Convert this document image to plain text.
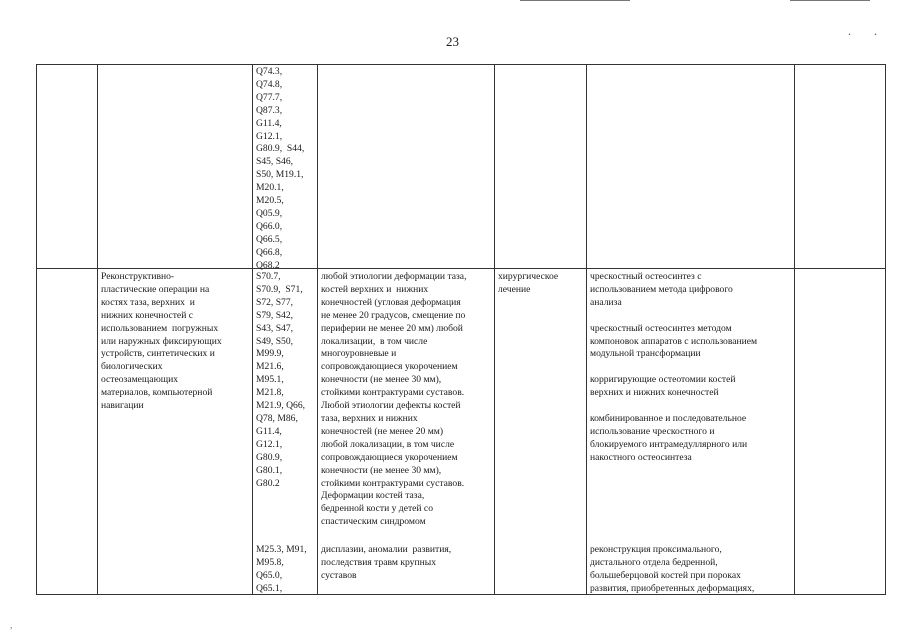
. .
23
Q74.3,
Q74.8,
Q77.7,
Q87.3,
G11.4,
G12.1,
G80.9,  S44,
S45, S46,
S50, M19.1,
M20.1,
M20.5,
Q05.9,
Q66.0,
Q66.5,
Q66.8,
Q68.2
Реконструктивно-
пластические операции на
костях таза, верхних  и
нижних конечностей с
использованием  погружных
или наружных фиксирующих
устройств, синтетических и
биологических
остеозамещающих
материалов, компьютерной
навигации
S70.7,
S70.9,  S71,
S72, S77,
S79, S42,
S43, S47,
S49, S50,
M99.9,
M21.6,
M95.1,
M21.8,
M21.9, Q66,
Q78, M86,
G11.4,
G12.1,
G80.9,
G80.1,
G80.2
любой этиологии деформации таза,
костей верхних и  нижних
конечностей (угловая деформация
не менее 20 градусов, смещение по
периферии не менее 20 мм) любой
локализации,  в том числе
многоуровневые и
сопровождающиеся укорочением
конечности (не менее 30 мм),
стойкими контрактурами суставов.
Любой этиологии дефекты костей
таза, верхних и нижних
конечностей (не менее 20 мм)
любой локализации, в том числе
сопровождающиеся укорочением
конечности (не менее 30 мм),
стойкими контрактурами суставов.
Деформации костей таза,
бедренной кости у детей со
спастическим синдромом
хирургическое
лечение
чрескостный остеосинтез с
использованием метода цифрового
анализа

чрескостный остеосинтез методом
компоновок аппаратов с использованием
модульной трансформации

корригирующие остеотомии костей
верхних и нижних конечностей

комбинированное и последовательное
использование чрескостного и
блокируемого интрамедуллярного или
накостного остеосинтеза
M25.3, M91,
M95.8,
Q65.0,
Q65.1,
дисплазии, аномалии  развития,
последствия травм крупных
суставов
реконструкция проксимального,
дистального отдела бедренной,
большеберцовой костей при пороках
развития, приобретенных деформациях,
,
